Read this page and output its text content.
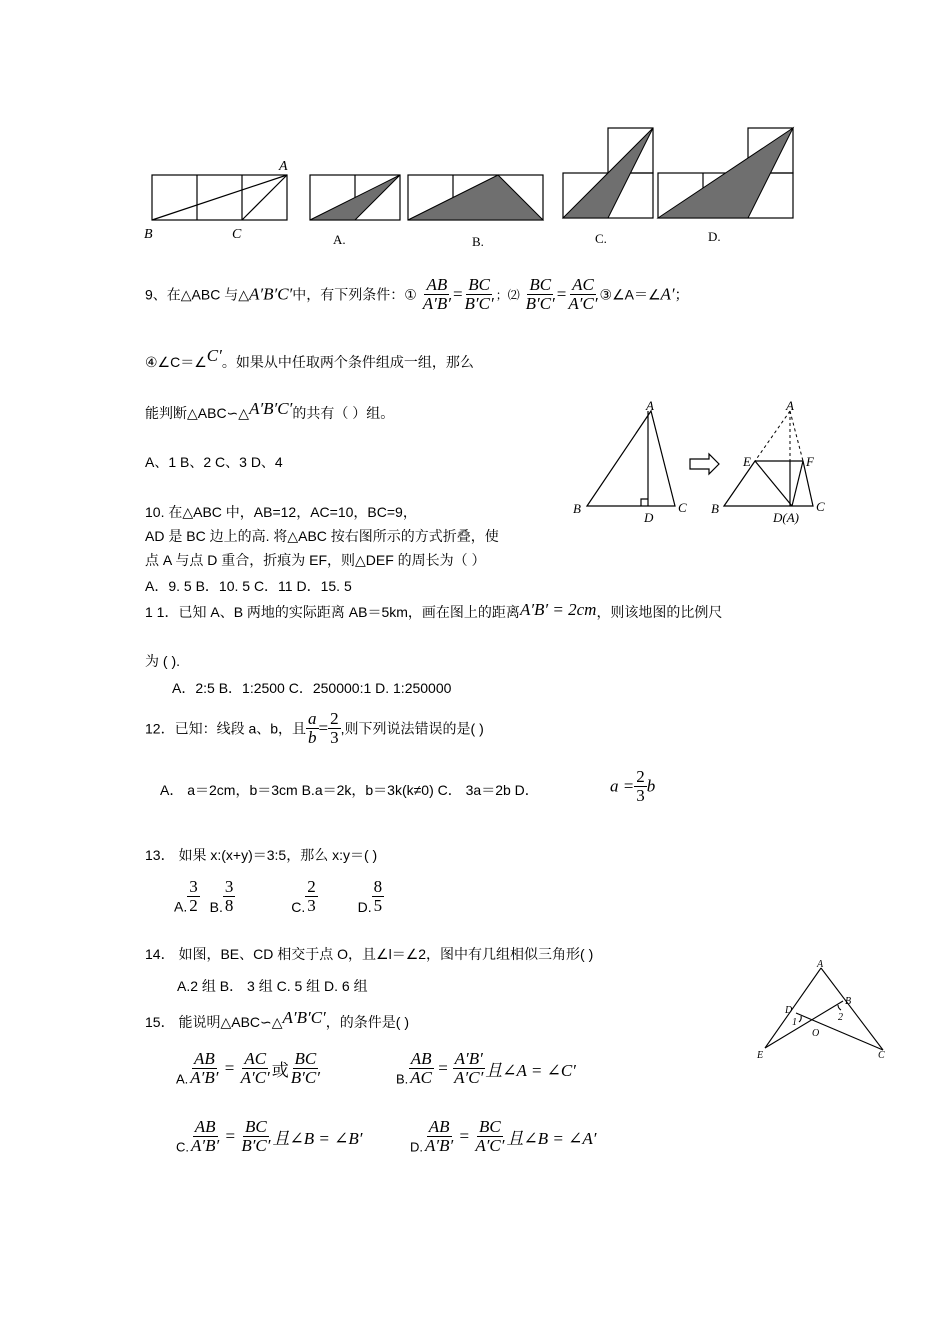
A
B	C	A.	B.	C.	D.
9、在△ABC 与△A′B′C′中，有下列条件：① $\frac{AB}{A'B'} = \frac{BC}{B'C'}$ ；⑵ $\frac{BC}{B'C'} = \frac{AC}{A'C'}$ ③∠A＝∠A′；
④∠C＝∠C′。如果从中任取两个条件组成一组，那么
能判断△ABC∽△A′B′C′的共有（ ）组。
A、1 B、2 C、3 D、4
A
B	C
D
A
E	F
B	C
D(A)
10. 在△ABC 中，AB=12，AC=10，BC=9，
AD 是 BC 边上的高. 将△ABC 按右图所示的方式折叠，使
点 A 与点 D 重合，折痕为 EF，则△DEF 的周长为（ ）
A．9. 5 B．10. 5 C．11 D．15. 5
1 1．已知 A、B 两地的实际距离 AB＝5km，画在图上的距离A′B′ = 2cm，则该地图的比例尺
为 ( ).
A．2:5 B．1:2500 C．250000:1 D. 1:250000
12．已知：线段 a、b，且 $\frac{a}{b} = \frac{2}{3}$ ,则下列说法错误的是( )
A． a＝2cm，b＝3cm B.a＝2k，b＝3k(k≠0) C． 3a＝2b D．	$a = \frac{2}{3}$ b
13． 如果 x:(x+y)＝3:5，那么 x:y＝( )
A. $\frac{3}{2} B$. $\frac{3}{8}$	C. $\frac{2}{3}$	D. $\frac{8}{5}$
14． 如图，BE、CD 相交于点 O，且∠l＝∠2，图中有几组相似三角形( )
A.2 组 B． 3 组 C. 5 组 D. 6 组
A
B
D
E	C
O
1	2
15． 能说明△ABC∽△A′B′C′，的条件是( )
A. $\frac{AB}{A'B'} = \frac{AC}{A'C'}$ 或 $\frac{BC}{B'C'}$	B. $\frac{AB}{AC} = \frac{A'B'}{A'C'}$ 且∠A = ∠C′
C. $\frac{AB}{A'B'} = \frac{BC}{B'C'}$ 且∠B = ∠B′	D. $\frac{AB}{A'B'} = \frac{BC}{A'C'}$ 且∠B = ∠A′
